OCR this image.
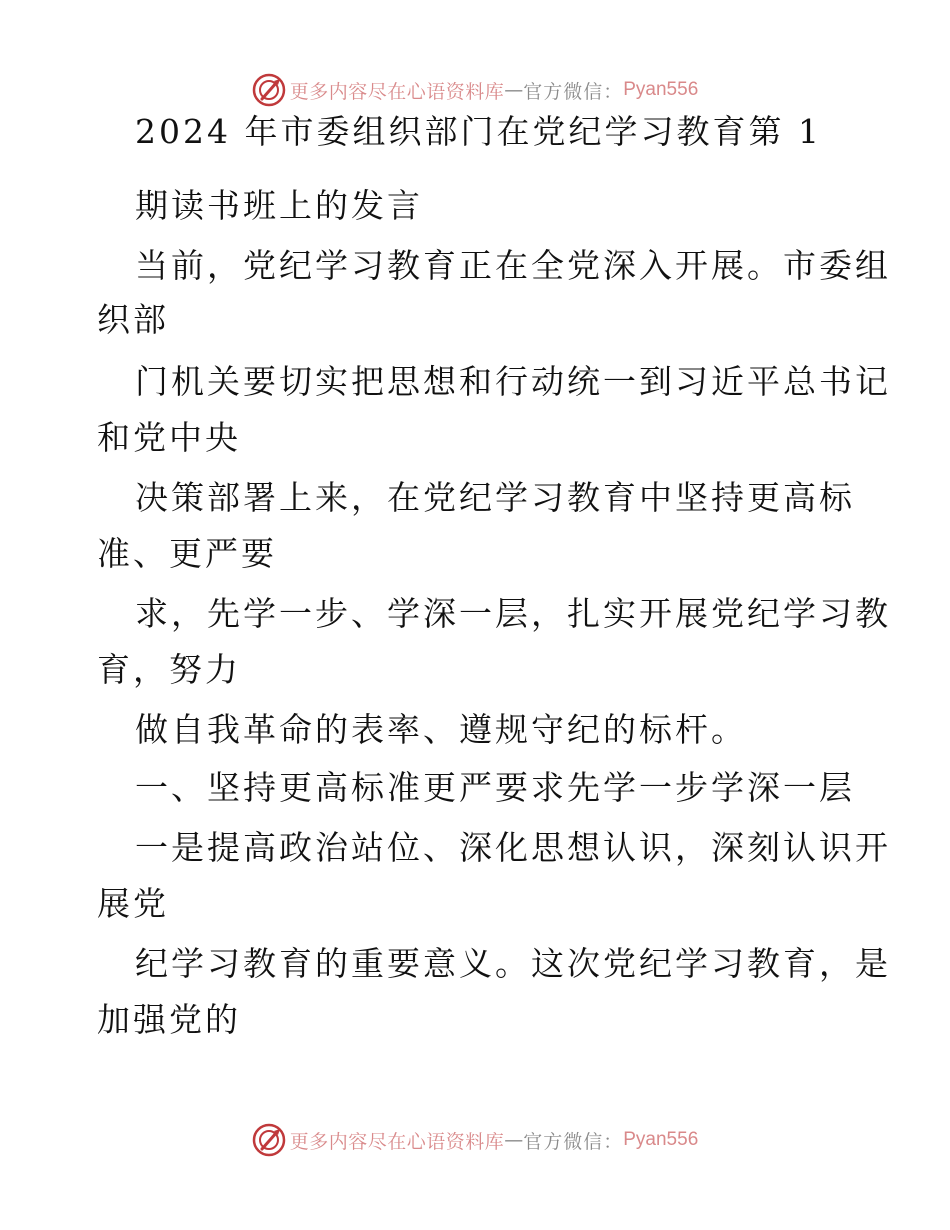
更多内容尽在心语资料库 — 官方微信： Pyan556
2024 年市委组织部门在党纪学习教育第 1
期读书班上的发言
当前，党纪学习教育正在全党深入开展。市委组
织部
门机关要切实把思想和行动统一到习近平总书记
和党中央
决策部署上来，在党纪学习教育中坚持更高标
准、更严要
求，先学一步、学深一层，扎实开展党纪学习教
育，努力
做自我革命的表率、遵规守纪的标杆。
一、坚持更高标准更严要求先学一步学深一层
一是提高政治站位、深化思想认识，深刻认识开
展党
纪学习教育的重要意义。这次党纪学习教育，是
加强党的
更多内容尽在心语资料库 — 官方微信： Pyan556
